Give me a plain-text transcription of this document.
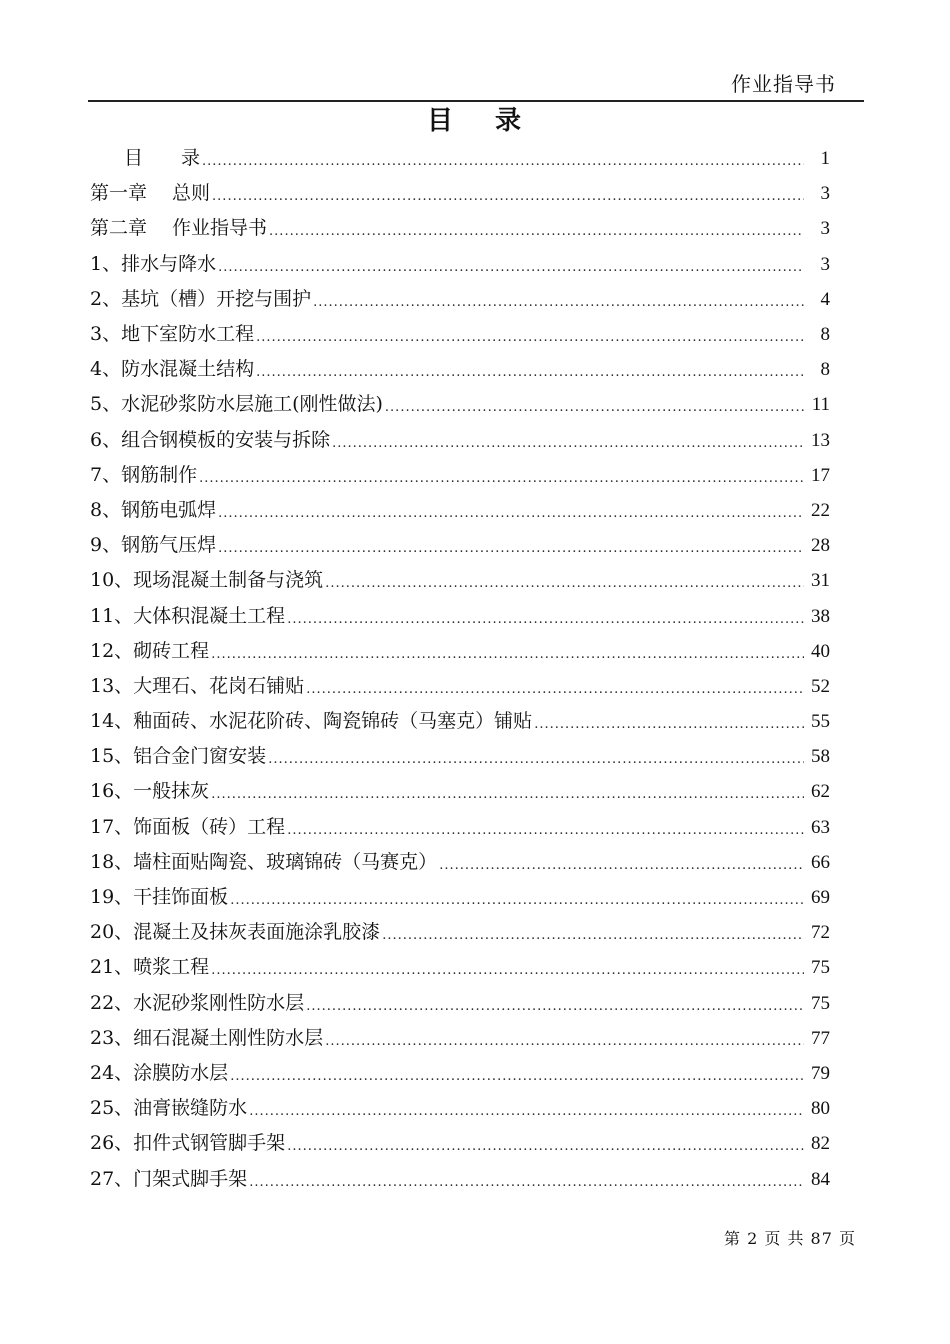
作业指导书
目 录
目　　录 .....	1
第一章　 总则 .....	3
第二章　 作业指导书 .....	3
1、排水与降水 .....	3
2、基坑（槽）开挖与围护 .....	4
3、地下室防水工程 .....	8
4、防水混凝土结构 .....	8
5、水泥砂浆防水层施工(刚性做法) .....	11
6、组合钢模板的安装与拆除 .....	13
7、钢筋制作 .....	17
8、钢筋电弧焊 .....	22
9、钢筋气压焊 .....	28
10、现场混凝土制备与浇筑 .....	31
11、大体积混凝土工程 .....	38
12、砌砖工程 .....	40
13、大理石、花岗石铺贴 .....	52
14、釉面砖、水泥花阶砖、陶瓷锦砖（马塞克）铺贴 .....	55
15、铝合金门窗安装 .....	58
16、一般抹灰 .....	62
17、饰面板（砖）工程 .....	63
18、墙柱面贴陶瓷、玻璃锦砖（马赛克） .....	66
19、干挂饰面板 .....	69
20、混凝土及抹灰表面施涂乳胶漆 .....	72
21、喷浆工程 .....	75
22、水泥砂浆刚性防水层 .....	75
23、细石混凝土刚性防水层 .....	77
24、涂膜防水层 .....	79
25、油膏嵌缝防水 .....	80
26、扣件式钢管脚手架 .....	82
27、门架式脚手架 .....	84
第 2 页 共 87 页
